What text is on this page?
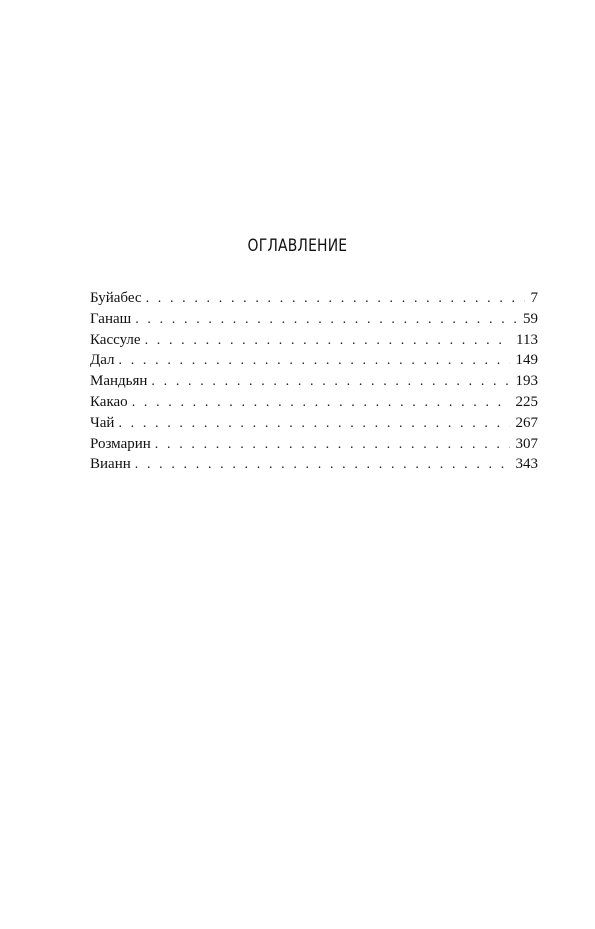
ОГЛАВЛЕНИЕ
Буйабес . . .	7
Ганаш . . .	59
Кассуле . . .	113
Дал . . .	149
Мандьян . . .	193
Какао . . .	225
Чай . . .	267
Розмарин . . .	307
Вианн . . .	343
